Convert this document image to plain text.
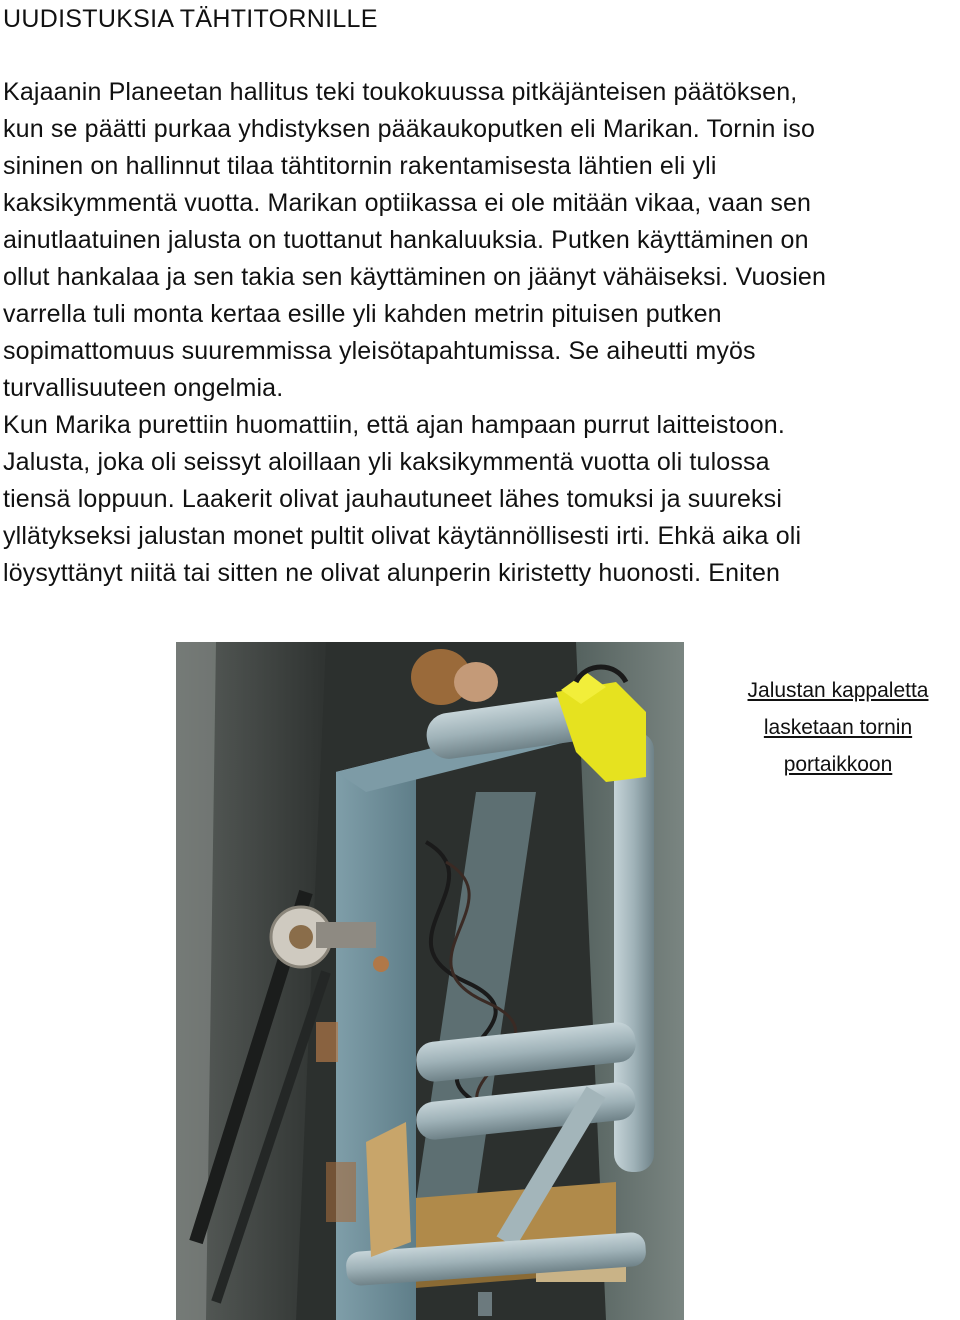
UUDISTUKSIA TÄHTITORNILLE
Kajaanin Planeetan hallitus teki toukokuussa pitkäjänteisen päätöksen,
kun se päätti purkaa yhdistyksen pääkaukoputken eli Marikan. Tornin iso
sininen on hallinnut tilaa tähtitornin rakentamisesta lähtien eli yli
kaksikymmentä vuotta. Marikan optiikassa ei ole mitään vikaa, vaan sen
ainutlaatuinen jalusta on tuottanut hankaluuksia. Putken käyttäminen on
ollut hankalaa ja sen takia sen käyttäminen on jäänyt vähäiseksi. Vuosien
varrella tuli monta kertaa esille yli kahden metrin pituisen putken
sopimattomuus suuremmissa yleisötapahtumissa. Se aiheutti myös
turvallisuuteen ongelmia.
Kun Marika purettiin huomattiin, että ajan hampaan purrut laitteistoon.
Jalusta, joka oli seissyt aloillaan yli kaksikymmentä vuotta oli tulossa
tiensä loppuun. Laakerit olivat jauhautuneet lähes tomuksi ja suureksi
yllätykseksi jalustan monet pultit olivat käytännöllisesti irti. Ehkä aika oli
löysyttänyt niitä tai sitten ne olivat alunperin kiristetty huonosti. Eniten
Jalustan kappaletta
lasketaan tornin
portaikkoon
